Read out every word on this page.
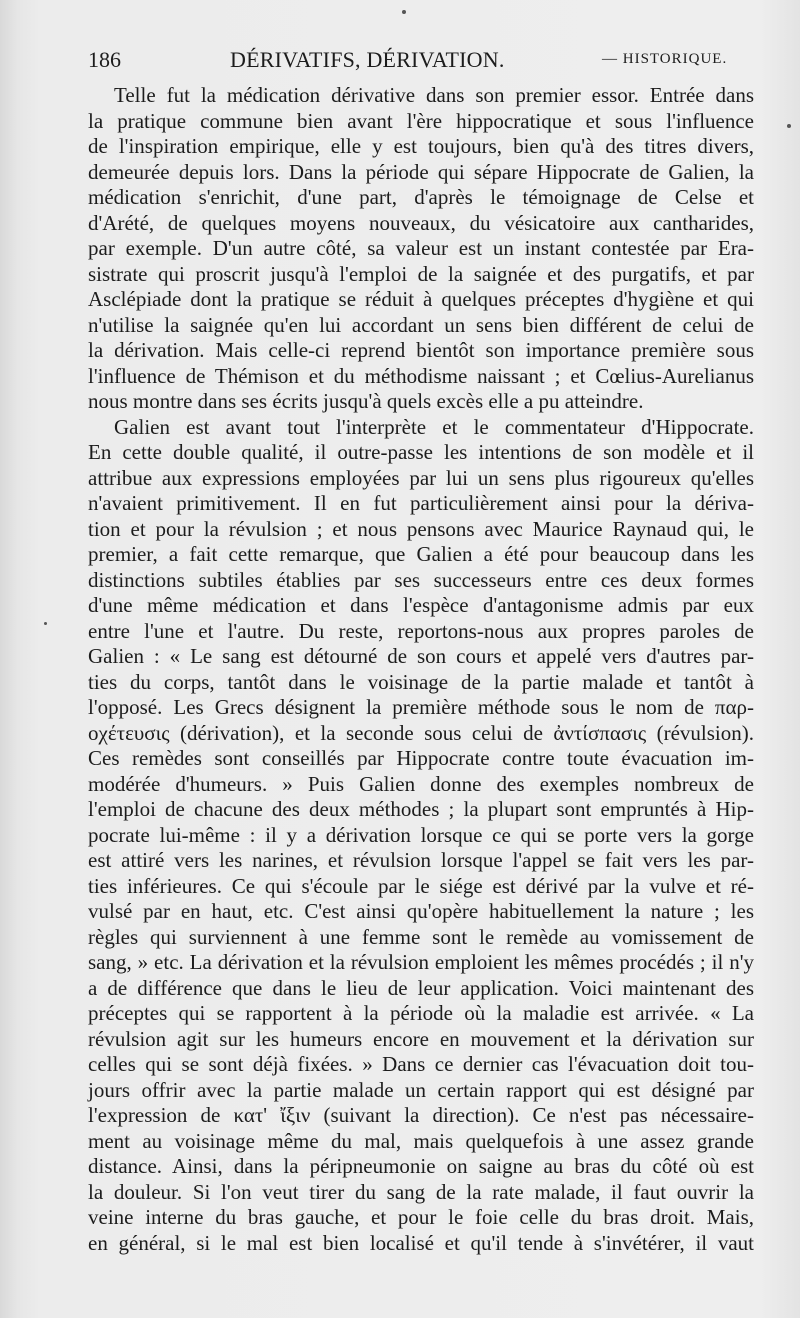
186	DÉRIVATIFS, DÉRIVATION.	— HISTORIQUE.
Telle fut la médication dérivative dans son premier essor. Entrée dans
la pratique commune bien avant l'ère hippocratique et sous l'influence
de l'inspiration empirique, elle y est toujours, bien qu'à des titres divers,
demeurée depuis lors. Dans la période qui sépare Hippocrate de Galien, la
médication s'enrichit, d'une part, d'après le témoignage de Celse et
d'Arété, de quelques moyens nouveaux, du vésicatoire aux cantharides,
par exemple. D'un autre côté, sa valeur est un instant contestée par Era-
sistrate qui proscrit jusqu'à l'emploi de la saignée et des purgatifs, et par
Asclépiade dont la pratique se réduit à quelques préceptes d'hygiène et qui
n'utilise la saignée qu'en lui accordant un sens bien différent de celui de
la dérivation. Mais celle-ci reprend bientôt son importance première sous
l'influence de Thémison et du méthodisme naissant ; et Cœlius-Aurelianus
nous montre dans ses écrits jusqu'à quels excès elle a pu atteindre.
Galien est avant tout l'interprète et le commentateur d'Hippocrate.
En cette double qualité, il outre-passe les intentions de son modèle et il
attribue aux expressions employées par lui un sens plus rigoureux qu'elles
n'avaient primitivement. Il en fut particulièrement ainsi pour la dériva-
tion et pour la révulsion ; et nous pensons avec Maurice Raynaud qui, le
premier, a fait cette remarque, que Galien a été pour beaucoup dans les
distinctions subtiles établies par ses successeurs entre ces deux formes
d'une même médication et dans l'espèce d'antagonisme admis par eux
entre l'une et l'autre. Du reste, reportons-nous aux propres paroles de
Galien : « Le sang est détourné de son cours et appelé vers d'autres par-
ties du corps, tantôt dans le voisinage de la partie malade et tantôt à
l'opposé. Les Grecs désignent la première méthode sous le nom de παρ-
οχέτευσις (dérivation), et la seconde sous celui de ἀντίσπασις (révulsion).
Ces remèdes sont conseillés par Hippocrate contre toute évacuation im-
modérée d'humeurs. » Puis Galien donne des exemples nombreux de
l'emploi de chacune des deux méthodes ; la plupart sont empruntés à Hip-
pocrate lui-même : il y a dérivation lorsque ce qui se porte vers la gorge
est attiré vers les narines, et révulsion lorsque l'appel se fait vers les par-
ties inférieures. Ce qui s'écoule par le siége est dérivé par la vulve et ré-
vulsé par en haut, etc. C'est ainsi qu'opère habituellement la nature ; les
règles qui surviennent à une femme sont le remède au vomissement de
sang, » etc. La dérivation et la révulsion emploient les mêmes procédés ; il n'y
a de différence que dans le lieu de leur application. Voici maintenant des
préceptes qui se rapportent à la période où la maladie est arrivée. « La
révulsion agit sur les humeurs encore en mouvement et la dérivation sur
celles qui se sont déjà fixées. » Dans ce dernier cas l'évacuation doit tou-
jours offrir avec la partie malade un certain rapport qui est désigné par
l'expression de κατ' ἴξιν (suivant la direction). Ce n'est pas nécessaire-
ment au voisinage même du mal, mais quelquefois à une assez grande
distance. Ainsi, dans la péripneumonie on saigne au bras du côté où est
la douleur. Si l'on veut tirer du sang de la rate malade, il faut ouvrir la
veine interne du bras gauche, et pour le foie celle du bras droit. Mais,
en général, si le mal est bien localisé et qu'il tende à s'invétérer, il vaut
